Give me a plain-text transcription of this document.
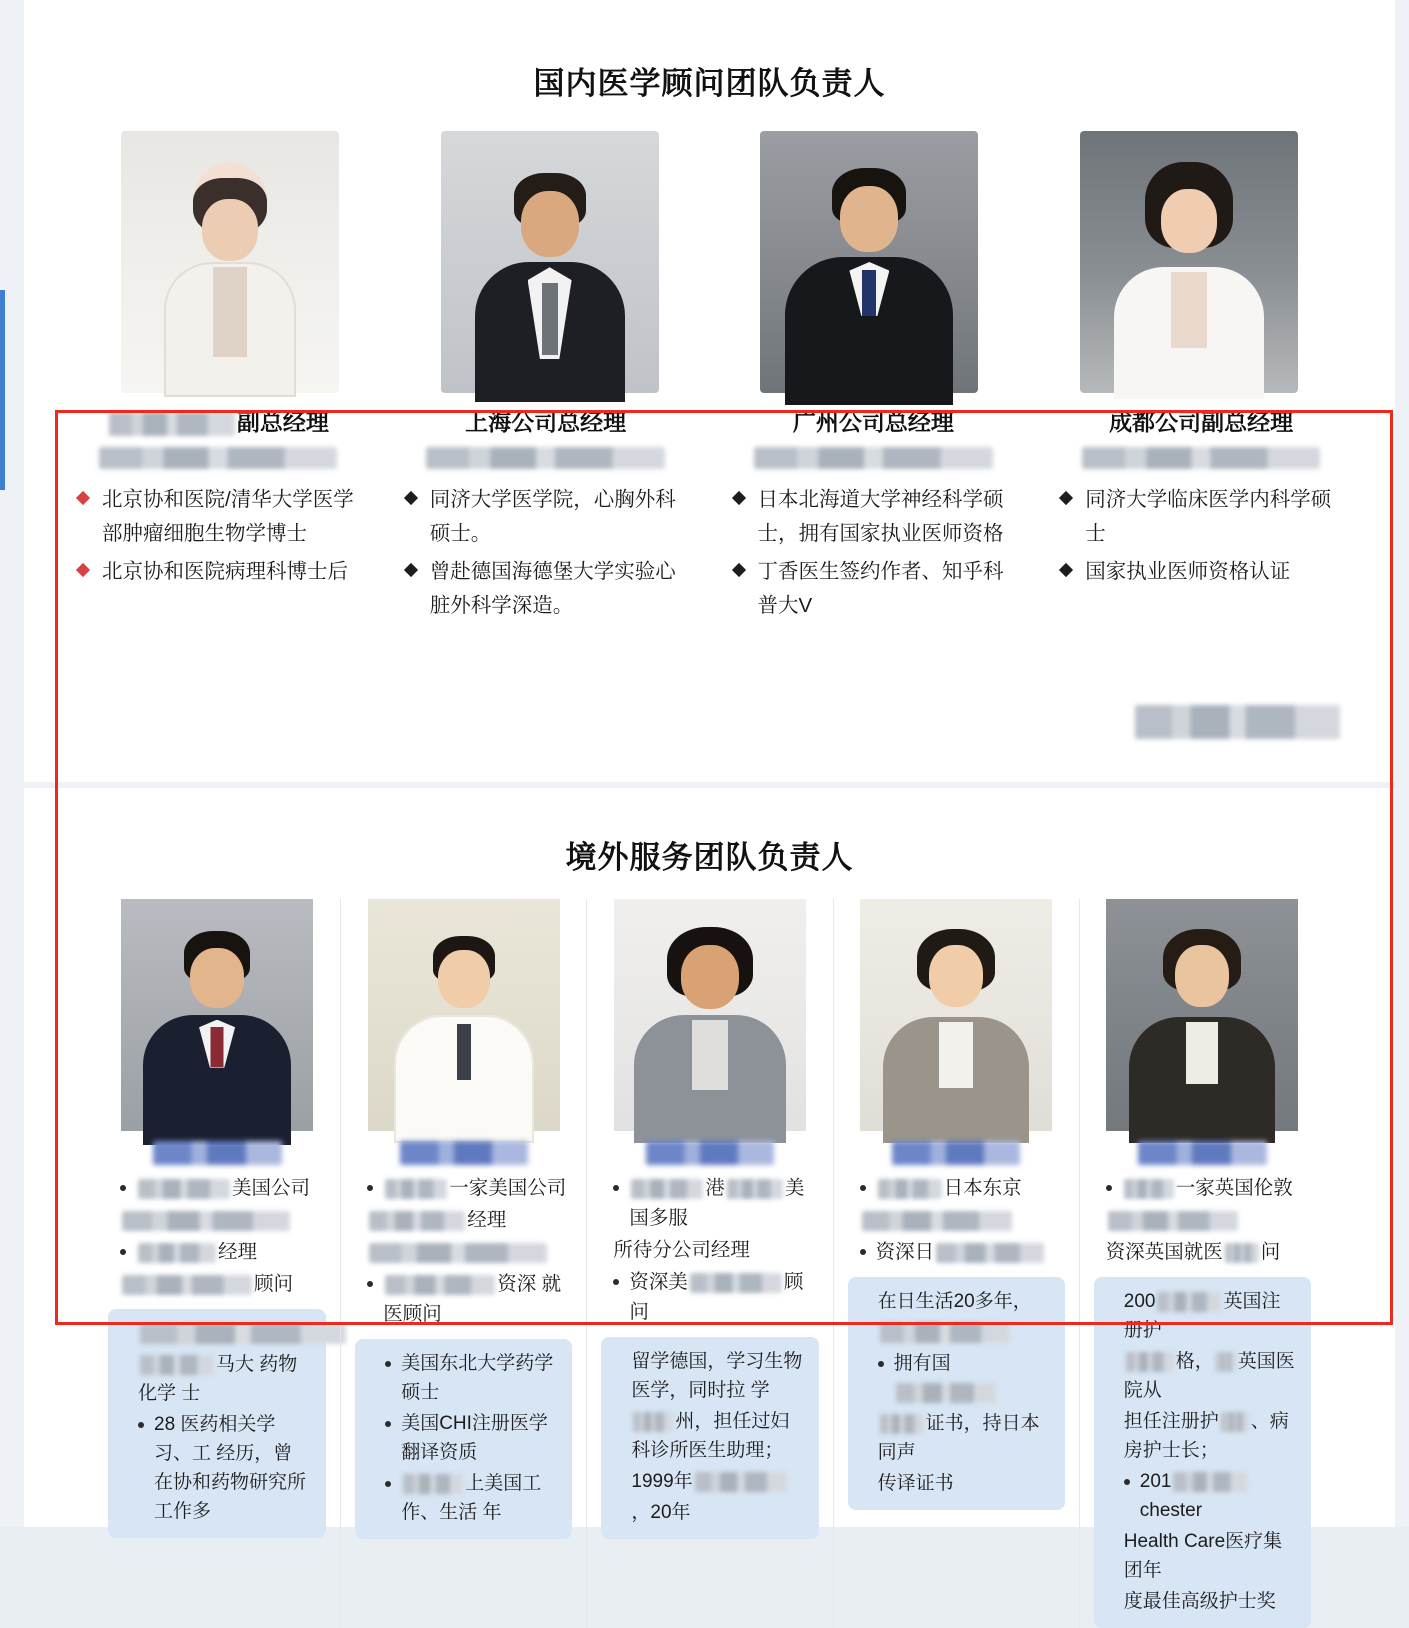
国内医学顾问团队负责人
副总经理
北京协和医院/清华大学医学部肿瘤细胞生物学博士
北京协和医院病理科博士后
上海公司总经理
同济大学医学院，心胸外科硕士。
曾赴德国海德堡大学实验心脏外科学深造。
广州公司总经理
日本北海道大学神经科学硕士，拥有国家执业医师资格
丁香医生签约作者、知乎科普大V
成都公司副总经理
同济大学临床医学内科学硕士
国家执业医师资格认证
境外服务团队负责人
美国公司
经理
顾问
马大 药物化学 士
28 医药相关学习、工 经历，曾在协和药物研究所工作多
一家美国公司
经理
资深 就医顾问
美国东北大学药学硕士
美国CHI注册医学翻译资质
上美国工作、生活 年
港	美国多服
所待分公司经理
资深美	顾问
留学德国，学习生物医学，同时拉 学
州，担任过妇科诊所医生助理；
1999年
，20年
日本东京
资深日
在日生活20多年，
拥有国
证书，持日本同声
传译证书
一家英国伦敦
资深英国就医 问
200	英国注册护
格， 英国医院从
担任注册护 、病房护士长；
201chester
Health Care医疗集团年
度最佳高级护士奖
